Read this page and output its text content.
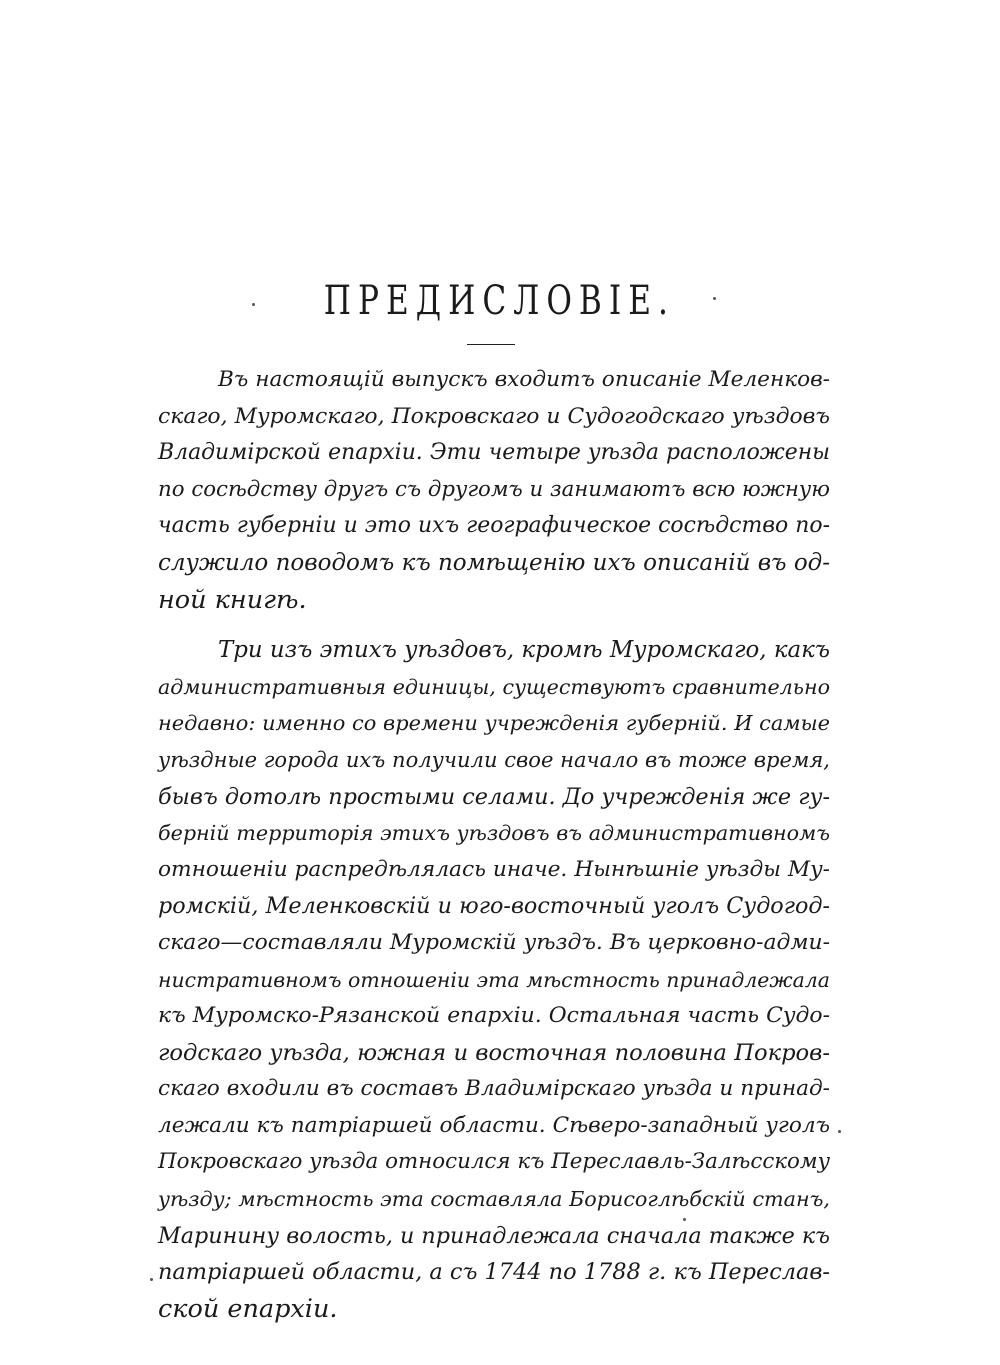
ПРЕДИСЛОВІЕ.
Въ настоящій выпускъ входитъ описаніе Меленков-
скаго, Муромскаго, Покровскаго и Судогодскаго уѣздовъ
Владимірской епархіи. Эти четыре уѣзда расположены
по сосѣдству другъ съ другомъ и занимаютъ всю южную
часть губерніи и это ихъ географическое сосѣдство по-
служило поводомъ къ помѣщенію ихъ описаній въ од-
ной книгѣ.
Три изъ этихъ уѣздовъ, кромѣ Муромскаго, какъ
административныя единицы, существуютъ сравнительно
недавно: именно со времени учрежденія губерній. И самые
уѣздные города ихъ получили свое начало въ тоже время,
бывъ дотолѣ простыми селами. До учрежденія же гу-
берній территорія этихъ уѣздовъ въ административномъ
отношеніи распредѣлялась иначе. Нынѣшніе уѣзды Му-
ромскій, Меленковскій и юго-восточный уголъ Судогод-
скаго—составляли Муромскій уѣздъ. Въ церковно-адми-
нистративномъ отношеніи эта мѣстность принадлежала
къ Муромско-Рязанской епархіи. Остальная часть Судо-
годскаго уѣзда, южная и восточная половина Покров-
скаго входили въ составъ Владимірскаго уѣзда и принад-
лежали къ патріаршей области. Сѣверо-западный уголъ
Покровскаго уѣзда относился къ Переславль-Залѣсскому
уѣзду; мѣстность эта составляла Борисоглѣбскій станъ,
Маринину волость, и принадлежала сначала также къ
патріаршей области, а съ 1744 по 1788 г. къ Переслав-
ской епархіи.
